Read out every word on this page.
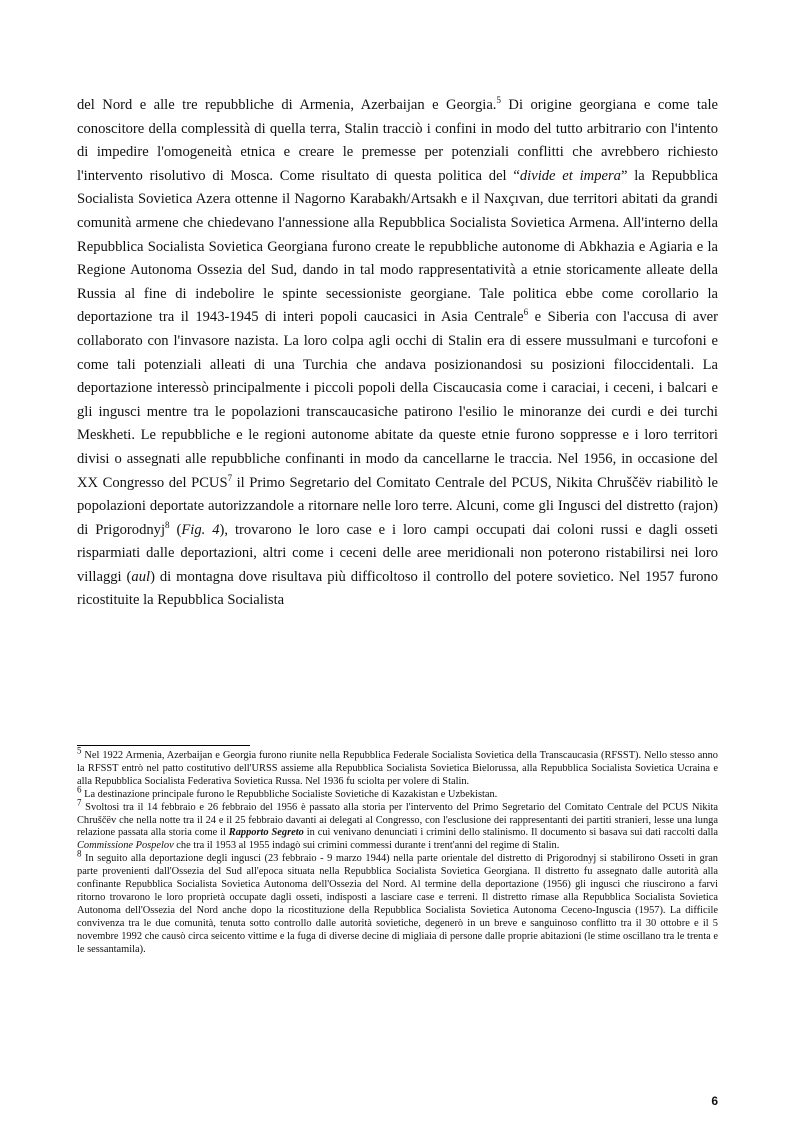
del Nord e alle tre repubbliche di Armenia, Azerbaijan e Georgia.$^5$ Di origine georgiana e come tale conoscitore della complessità di quella terra, Stalin tracciò i confini in modo del tutto arbitrario con l'intento di impedire l'omogeneità etnica e creare le premesse per potenziali conflitti che avrebbero richiesto l'intervento risolutivo di Mosca. Come risultato di questa politica del “divide et impera” la Repubblica Socialista Sovietica Azera ottenne il Nagorno Karabakh/Artsakh e il Naxçıvan, due territori abitati da grandi comunità armene che chiedevano l'annessione alla Repubblica Socialista Sovietica Armena. All'interno della Repubblica Socialista Sovietica Georgiana furono create le repubbliche autonome di Abkhazia e Agiaria e la Regione Autonoma Ossezia del Sud, dando in tal modo rappresentatività a etnie storicamente alleate della Russia al fine di indebolire le spinte secessioniste georgiane. Tale politica ebbe come corollario la deportazione tra il 1943-1945 di interi popoli caucasici in Asia Centrale$^6$ e Siberia con l'accusa di aver collaborato con l'invasore nazista. La loro colpa agli occhi di Stalin era di essere mussulmani e turcofoni e come tali potenziali alleati di una Turchia che andava posizionandosi su posizioni filoccidentali. La deportazione interessò principalmente i piccoli popoli della Ciscaucasia come i caraciai, i ceceni, i balcari e gli ingusci mentre tra le popolazioni transcaucasiche patirono l'esilio le minoranze dei curdi e dei turchi Meskheti. Le repubbliche e le regioni autonome abitate da queste etnie furono soppresse e i loro territori divisi o assegnati alle repubbliche confinanti in modo da cancellarne le traccia. Nel 1956, in occasione del XX Congresso del PCUS$^7$ il Primo Segretario del Comitato Centrale del PCUS, Nikita Chruščëv riabilitò le popolazioni deportate autorizzandole a ritornare nelle loro terre. Alcuni, come gli Ingusci del distretto (rajon) di Prigorodnyj$^8$ (Fig. 4), trovarono le loro case e i loro campi occupati dai coloni russi e dagli osseti risparmiati dalle deportazioni, altri come i ceceni delle aree meridionali non poterono ristabilirsi nei loro villaggi (aul) di montagna dove risultava più difficoltoso il controllo del potere sovietico. Nel 1957 furono ricostituite la Repubblica Socialista

$^5$ Nel 1922 Armenia, Azerbaijan e Georgia furono riunite nella Repubblica Federale Socialista Sovietica della Transcaucasia (RFSST). Nello stesso anno la RFSST entrò nel patto costitutivo dell'URSS assieme alla Repubblica Socialista Sovietica Bielorussa, alla Repubblica Socialista Sovietica Ucraina e alla Repubblica Socialista Federativa Sovietica Russa. Nel 1936 fu sciolta per volere di Stalin.

$^6$ La destinazione principale furono le Repubbliche Socialiste Sovietiche di Kazakistan e Uzbekistan.

$^7$ Svoltosi tra il 14 febbraio e 26 febbraio del 1956 è passato alla storia per l'intervento del Primo Segretario del Comitato Centrale del PCUS Nikita Chruščëv che nella notte tra il 24 e il 25 febbraio davanti ai delegati al Congresso, con l'esclusione dei rappresentanti dei partiti stranieri, lesse una lunga relazione passata alla storia come il Rapporto Segreto in cui venivano denunciati i crimini dello stalinismo. Il documento si basava sui dati raccolti dalla Commissione Pospelov che tra il 1953 al 1955 indagò sui crimini commessi durante i trent'anni del regime di Stalin.

$^8$ In seguito alla deportazione degli ingusci (23 febbraio - 9 marzo 1944) nella parte orientale del distretto di Prigorodnyj si stabilirono Osseti in gran parte provenienti dall'Ossezia del Sud all'epoca situata nella Repubblica Socialista Sovietica Georgiana. Il distretto fu assegnato dalle autorità alla confinante Repubblica Socialista Sovietica Autonoma dell'Ossezia del Nord. Al termine della deportazione (1956) gli ingusci che riuscirono a farvi ritorno trovarono le loro proprietà occupate dagli osseti, indisposti a lasciare case e terreni. Il distretto rimase alla Repubblica Socialista Sovietica Autonoma dell'Ossezia del Nord anche dopo la ricostituzione della Repubblica Socialista Sovietica Autonoma Ceceno-Inguscia (1957). La difficile convivenza tra le due comunità, tenuta sotto controllo dalle autorità sovietiche, degenerò in un breve e sanguinoso conflitto tra il 30 ottobre e il 5 novembre 1992 che causò circa seicento vittime e la fuga di diverse decine di migliaia di persone dalle proprie abitazioni (le stime oscillano tra le trenta e le sessantamila).

6
